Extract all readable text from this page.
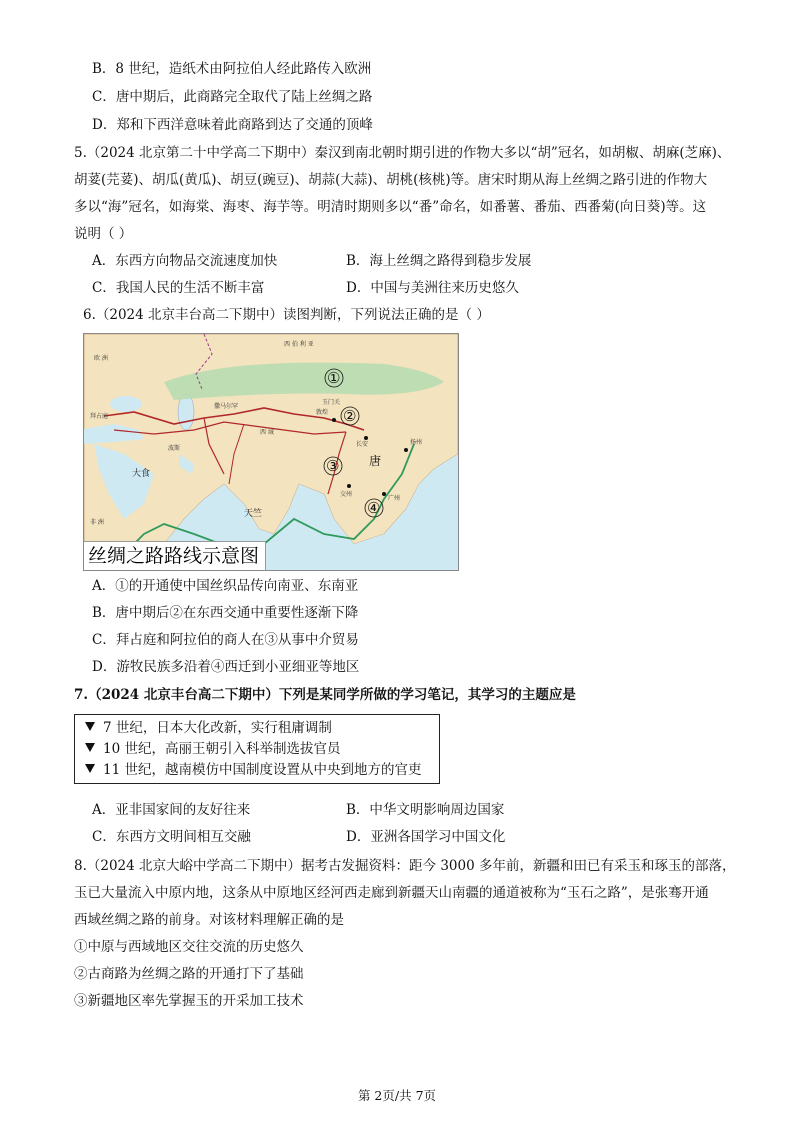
B．8 世纪，造纸术由阿拉伯人经此路传入欧洲
C．唐中期后，此商路完全取代了陆上丝绸之路
D．郑和下西洋意味着此商路到达了交通的顶峰
5.（2024 北京第二十中学高二下期中）秦汉到南北朝时期引进的作物大多以“胡”冠名，如胡椒、胡麻(芝麻)、
胡荽(芫荽)、胡瓜(黄瓜)、胡豆(豌豆)、胡蒜(大蒜)、胡桃(核桃)等。唐宋时期从海上丝绸之路引进的作物大
多以“海”冠名，如海棠、海枣、海芋等。明清时期则多以“番”命名，如番薯、番茄、西番菊(向日葵)等。这
说明（ ）
A．东西方向物品交流速度加快	B．海上丝绸之路得到稳步发展
C．我国人民的生活不断丰富	D．中国与美洲往来历史悠久
6.（2024 北京丰台高二下期中）读图判断，下列说法正确的是（ ）
①
②
③
④
西 伯 利 亚
欧 洲
非 洲
唐
天竺
大食
长安
广州
交州
扬州
敦煌
玉门关
波斯
西 域
拜占庭
撒马尔罕
丝绸之路路线示意图
A．①的开通使中国丝织品传向南亚、东南亚
B．唐中期后②在东西交通中重要性逐渐下降
C．拜占庭和阿拉伯的商人在③从事中介贸易
D．游牧民族多沿着④西迁到小亚细亚等地区
7.（2024 北京丰台高二下期中）下列是某同学所做的学习笔记，其学习的主题应是
7 世纪，日本大化改新，实行租庸调制
10 世纪，高丽王朝引入科举制选拔官员
11 世纪，越南模仿中国制度设置从中央到地方的官吏
A．亚非国家间的友好往来	B．中华文明影响周边国家
C．东西方文明间相互交融	D．亚洲各国学习中国文化
8.（2024 北京大峪中学高二下期中）据考古发掘资料：距今 3000 多年前，新疆和田已有采玉和琢玉的部落，
玉已大量流入中原内地，这条从中原地区经河西走廊到新疆天山南疆的通道被称为“玉石之路”，是张骞开通
西域丝绸之路的前身。对该材料理解正确的是
①中原与西域地区交往交流的历史悠久
②古商路为丝绸之路的开通打下了基础
③新疆地区率先掌握玉的开采加工技术
第 2页/共 7页
